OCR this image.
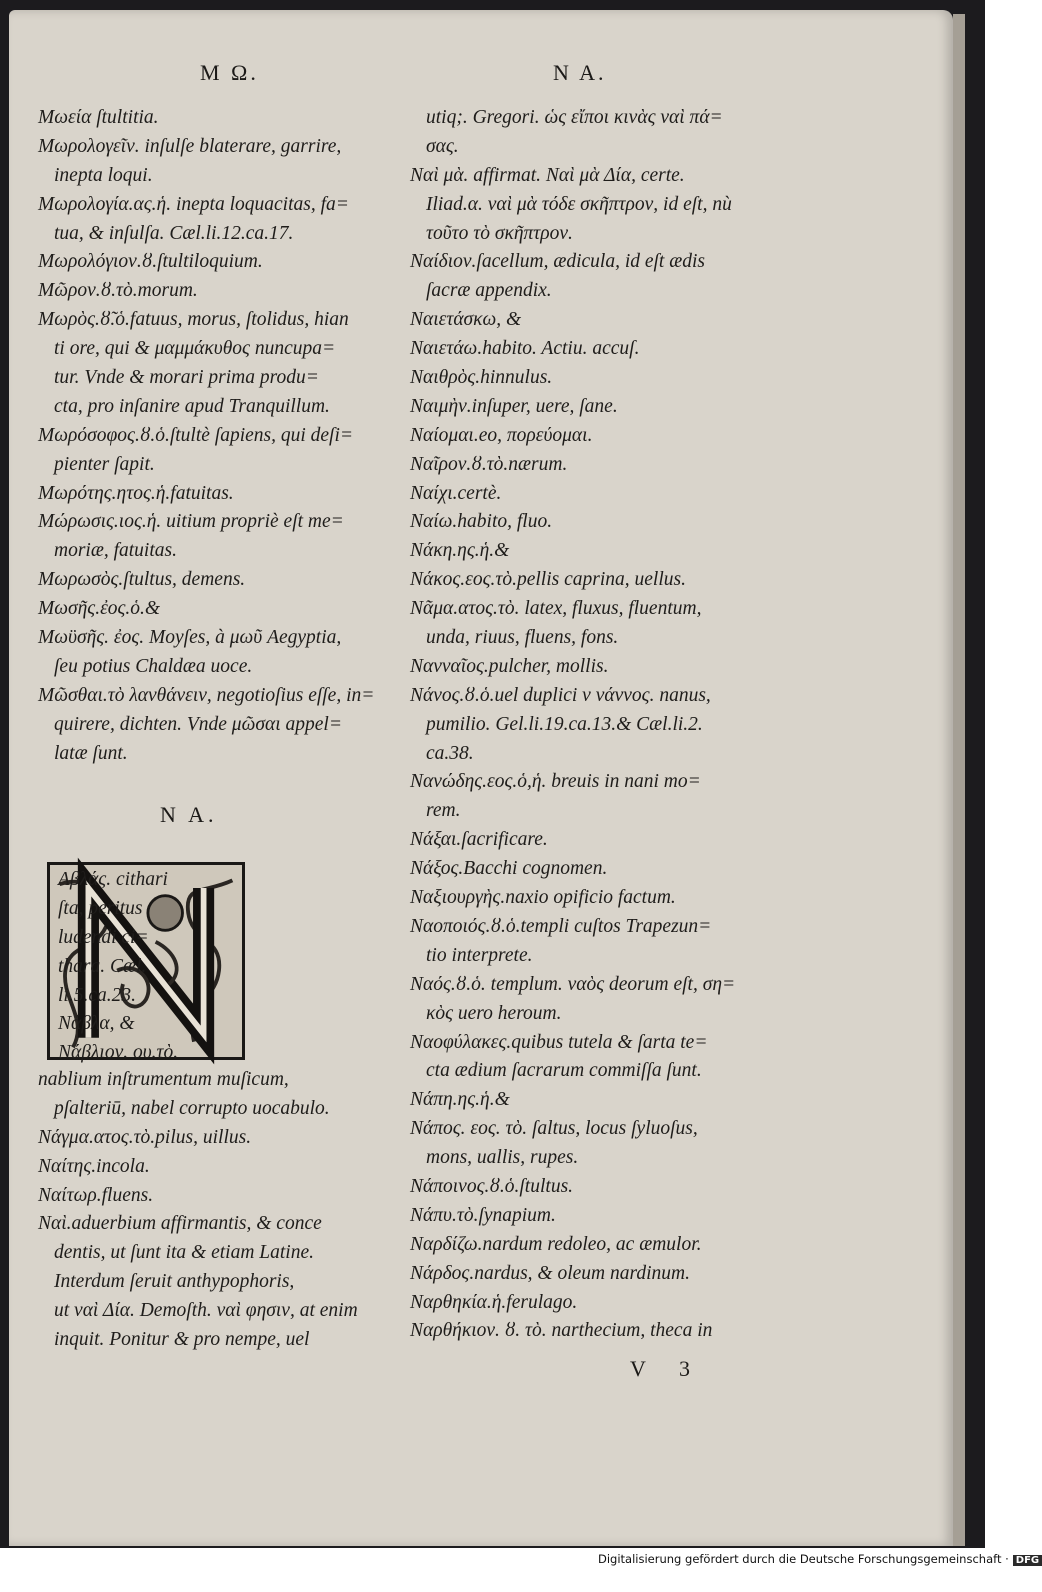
M Ω.	N A.
Μωεία ſtultitia.
Μωρολογεῖν. inſulſe blaterare, garrire,
inepta loqui.
Μωρολογία.ας.ἡ. inepta loquacitas, fa=
tua, & inſulſa. Cæl.li.12.ca.17.
Μωρολόγιον.ȣ.ſtultiloquium.
Μῶρον.ȣ.τὸ.morum.
Μωρὸς.ȣ̃.ὁ.fatuus, morus, ſtolidus, hian
ti ore, qui & μαμμάκυθος nuncupa=
tur. Vnde & morari prima produ=
cta, pro inſanire apud Tranquillum.
Μωρόσοφος.ȣ.ὁ.ſtultè ſapiens, qui deſi=
pienter ſapit.
Μωρότης.ητος.ἡ.fatuitas.
Μώρωσις.ιος.ἡ. uitium propriè eſt me=
moriæ, fatuitas.
Μωρωσὸς.ſtultus, demens.
Μωσῆς.ἐος.ὁ.&
Μωϋσῆς. ἐος. Moyſes, à μωῦ Aegyptia,
ſeu potius Chaldæa uoce.
Μῶσθαι.τὸ λανθάνειν, negotioſius eſſe, in=
quirere, dichten. Vnde μῶσαι appel=
latæ ſunt.
N A.
Αβλάς. cithari
ſta, peritus
ludendi ci=
thara. Cæl.
li.5.ca.23.
Νάβλα, &
Νάβλιον. ου.τὸ.
nablium inſtrumentum muſicum,
pſalteriū, nabel corrupto uocabulo.
Νάγμα.ατος.τὸ.pilus, uillus.
Ναίτης.incola.
Ναίτωρ.fluens.
Ναὶ.aduerbium affirmantis, & conce
dentis, ut ſunt ita & etiam Latine.
Interdum ſeruit anthypophoris,
ut ναὶ Δία. Demoſth. ναὶ φησιν, at enim
inquit. Ponitur & pro nempe, uel
utiq;. Gregori. ὡς εἴποι κινὰς ναὶ πά=
σας.
Ναὶ μὰ. affirmat. Ναὶ μὰ Δία, certe.
Iliad.α. ναὶ μὰ τόδε σκῆπτρον, id eſt, nù
τοῦτο τὸ σκῆπτρον.
Ναίδιον.ſacellum, ædicula, id eſt ædis
ſacræ appendix.
Ναιετάσκω, &
Ναιετάω.habito. Actiu. accuſ.
Ναιθρὸς.hinnulus.
Ναιμὴν.inſuper, uere, ſane.
Ναίομαι.eo, πορεύομαι.
Ναῖρον.ȣ.τὸ.nærum.
Ναίχι.certè.
Ναίω.habito, fluo.
Νάκη.ης.ἡ.&
Νάκος.εος.τὸ.pellis caprina, uellus.
Νᾶμα.ατος.τὸ. latex, fluxus, fluentum,
unda, riuus, fluens, fons.
Νανναῖος.pulcher, mollis.
Νάνος.ȣ.ὁ.uel duplici ν νάννος. nanus,
pumilio. Gel.li.19.ca.13.& Cæl.li.2.
ca.38.
Νανώδης.εος.ὁ,ἡ. breuis in nani mo=
rem.
Νάξαι.ſacrificare.
Νάξος.Bacchi cognomen.
Ναξιουργὴς.naxio opificio factum.
Ναοποιός.ȣ.ὁ.templi cuſtos Trapezun=
tio interprete.
Ναός.ȣ.ὁ. templum. ναὸς deorum eſt, ση=
κὸς uero heroum.
Ναοφύλακες.quibus tutela & ſarta te=
cta ædium ſacrarum commiſſa ſunt.
Νάπη.ης.ἡ.&
Νάπος. εος. τὸ. ſaltus, locus ſyluoſus,
mons, uallis, rupes.
Νάποινος.ȣ.ὁ.ſtultus.
Νάπυ.τὸ.ſynapium.
Ναρδίζω.nardum redoleo, ac æmulor.
Νάρδος.nardus, & oleum nardinum.
Ναρθηκία.ἡ.ferulago.
Ναρθήκιον. ȣ. τὸ. narthecium, theca in
V 3
Digitalisierung gefördert durch die Deutsche Forschungsgemeinschaft · DFG
